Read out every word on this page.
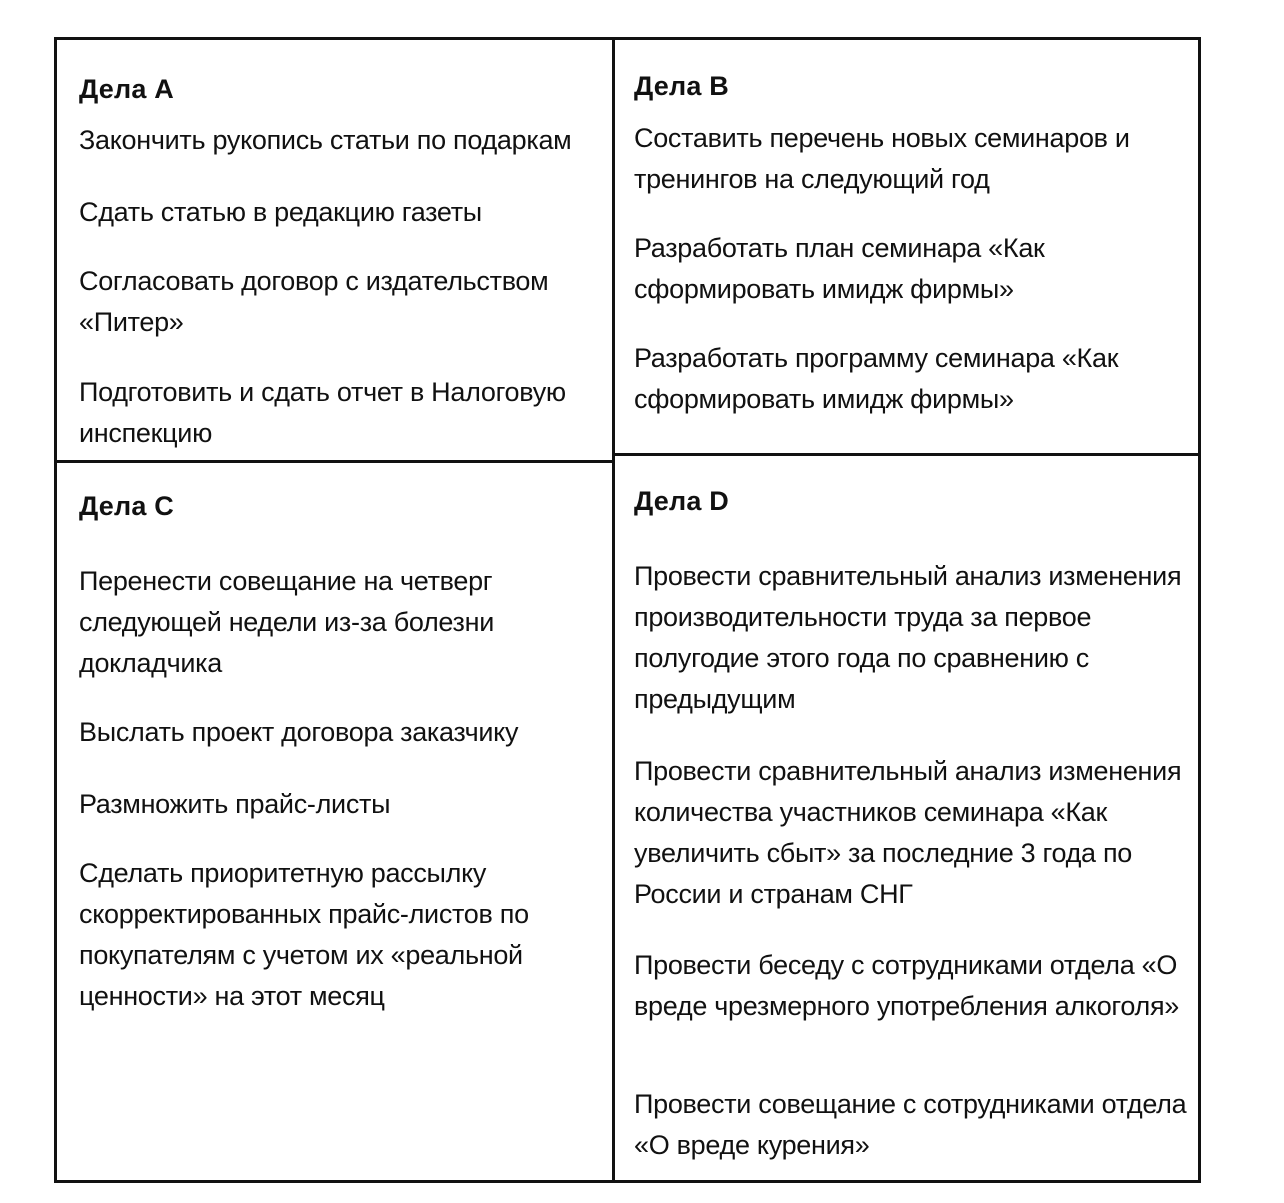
Дела А

Закончить рукопись статьи по подаркам

Сдать статью в редакцию газеты

Согласовать договор с издательством «Питер»

Подготовить и сдать отчет в Налоговую инспекцию

Дела В

Составить перечень новых семинаров и тренингов на следующий год

Разработать план семинара «Как сформировать имидж фирмы»

Разработать программу семинара «Как сформировать имидж фирмы»

Дела С

Перенести совещание на четверг следующей недели из-за болезни докладчика

Выслать проект договора заказчику

Размножить прайс-листы

Сделать приоритетную рассылку скорректированных прайс-листов по покупателям с учетом их «реальной ценности» на этот месяц

Дела D

Провести сравнительный анализ изменения производительности труда за первое полугодие этого года по сравнению с предыдущим

Провести сравнительный анализ изменения количества участников семинара «Как увеличить сбыт» за последние 3 года по России и странам СНГ

Провести беседу с сотрудниками отдела «О вреде чрезмерного употребления алкоголя»

Провести совещание с сотрудниками отдела «О вреде курения»
